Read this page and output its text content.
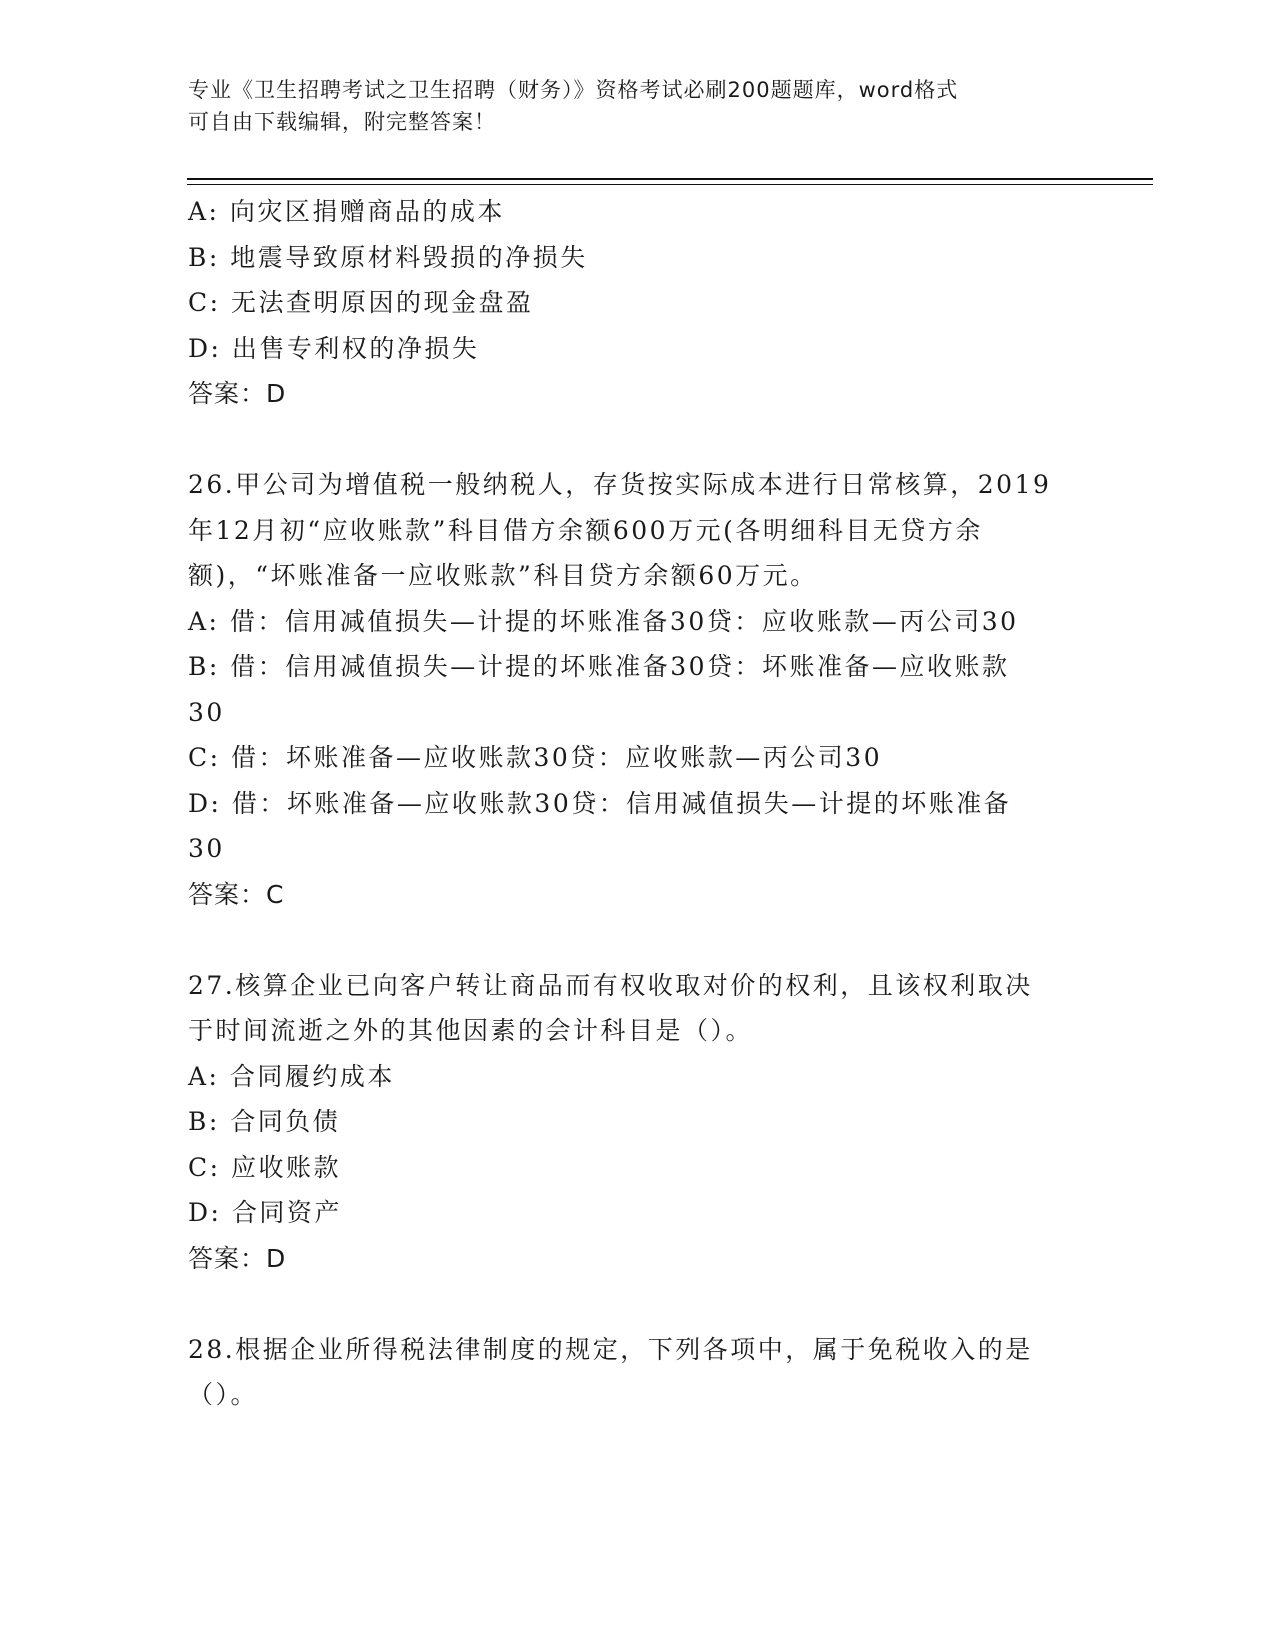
专业《卫生招聘考试之卫生招聘（财务）》资格考试必刷200题题库，word格式
可自由下载编辑，附完整答案！
A: 向灾区捐赠商品的成本
B: 地震导致原材料毁损的净损失
C: 无法查明原因的现金盘盈
D: 出售专利权的净损失
答案：D
26.甲公司为增值税一般纳税人，存货按实际成本进行日常核算，2019
年12月初“应收账款”科目借方余额600万元(各明细科目无贷方余
额)，“坏账准备一应收账款”科目贷方余额60万元。
A: 借：信用减值损失—计提的坏账准备30贷：应收账款—丙公司30
B: 借：信用减值损失—计提的坏账准备30贷：坏账准备—应收账款
30
C: 借：坏账准备—应收账款30贷：应收账款—丙公司30
D: 借：坏账准备—应收账款30贷：信用减值损失—计提的坏账准备
30
答案：C
27.核算企业已向客户转让商品而有权收取对价的权利，且该权利取决
于时间流逝之外的其他因素的会计科目是（）。
A: 合同履约成本
B: 合同负债
C: 应收账款
D: 合同资产
答案：D
28.根据企业所得税法律制度的规定，下列各项中，属于免税收入的是
（）。
